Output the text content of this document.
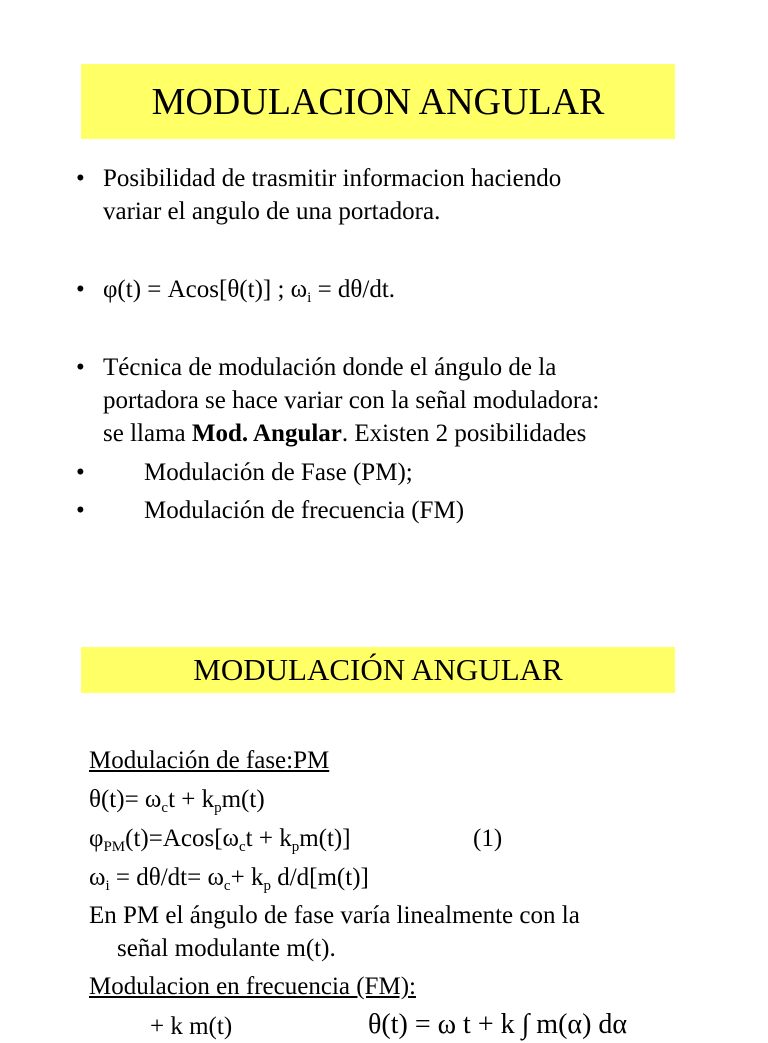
MODULACION ANGULAR
• Posibilidad de trasmitir informacion haciendo
variar el angulo de una portadora.
• φ(t) = Acos[θ(t)] ; $\omega_i = d\theta/dt$.
• Técnica de modulación donde el ángulo de la
portadora se hace variar con la señal moduladora:
se llama Mod. Angular. Existen 2 posibilidades
• Modulación de Fase (PM);
• Modulación de frecuencia (FM)
MODULACIÓN ANGULAR
Modulación de fase:PM
$\theta(t)= \omega_ct + k_pm(t)$
$\varphi_{PM}(t)=Acos[\omega_ct + k_pm(t)]$	(1)
$\omega_i = d\theta/dt= \omega_c+ k_p$ d/d[m(t)]
En PM el ángulo de fase varía linealmente con la
señal modulante m(t).
Modulacion en frecuencia (FM):
+ k m(t)	θ(t) = ω t + k ∫ m(α) dα
